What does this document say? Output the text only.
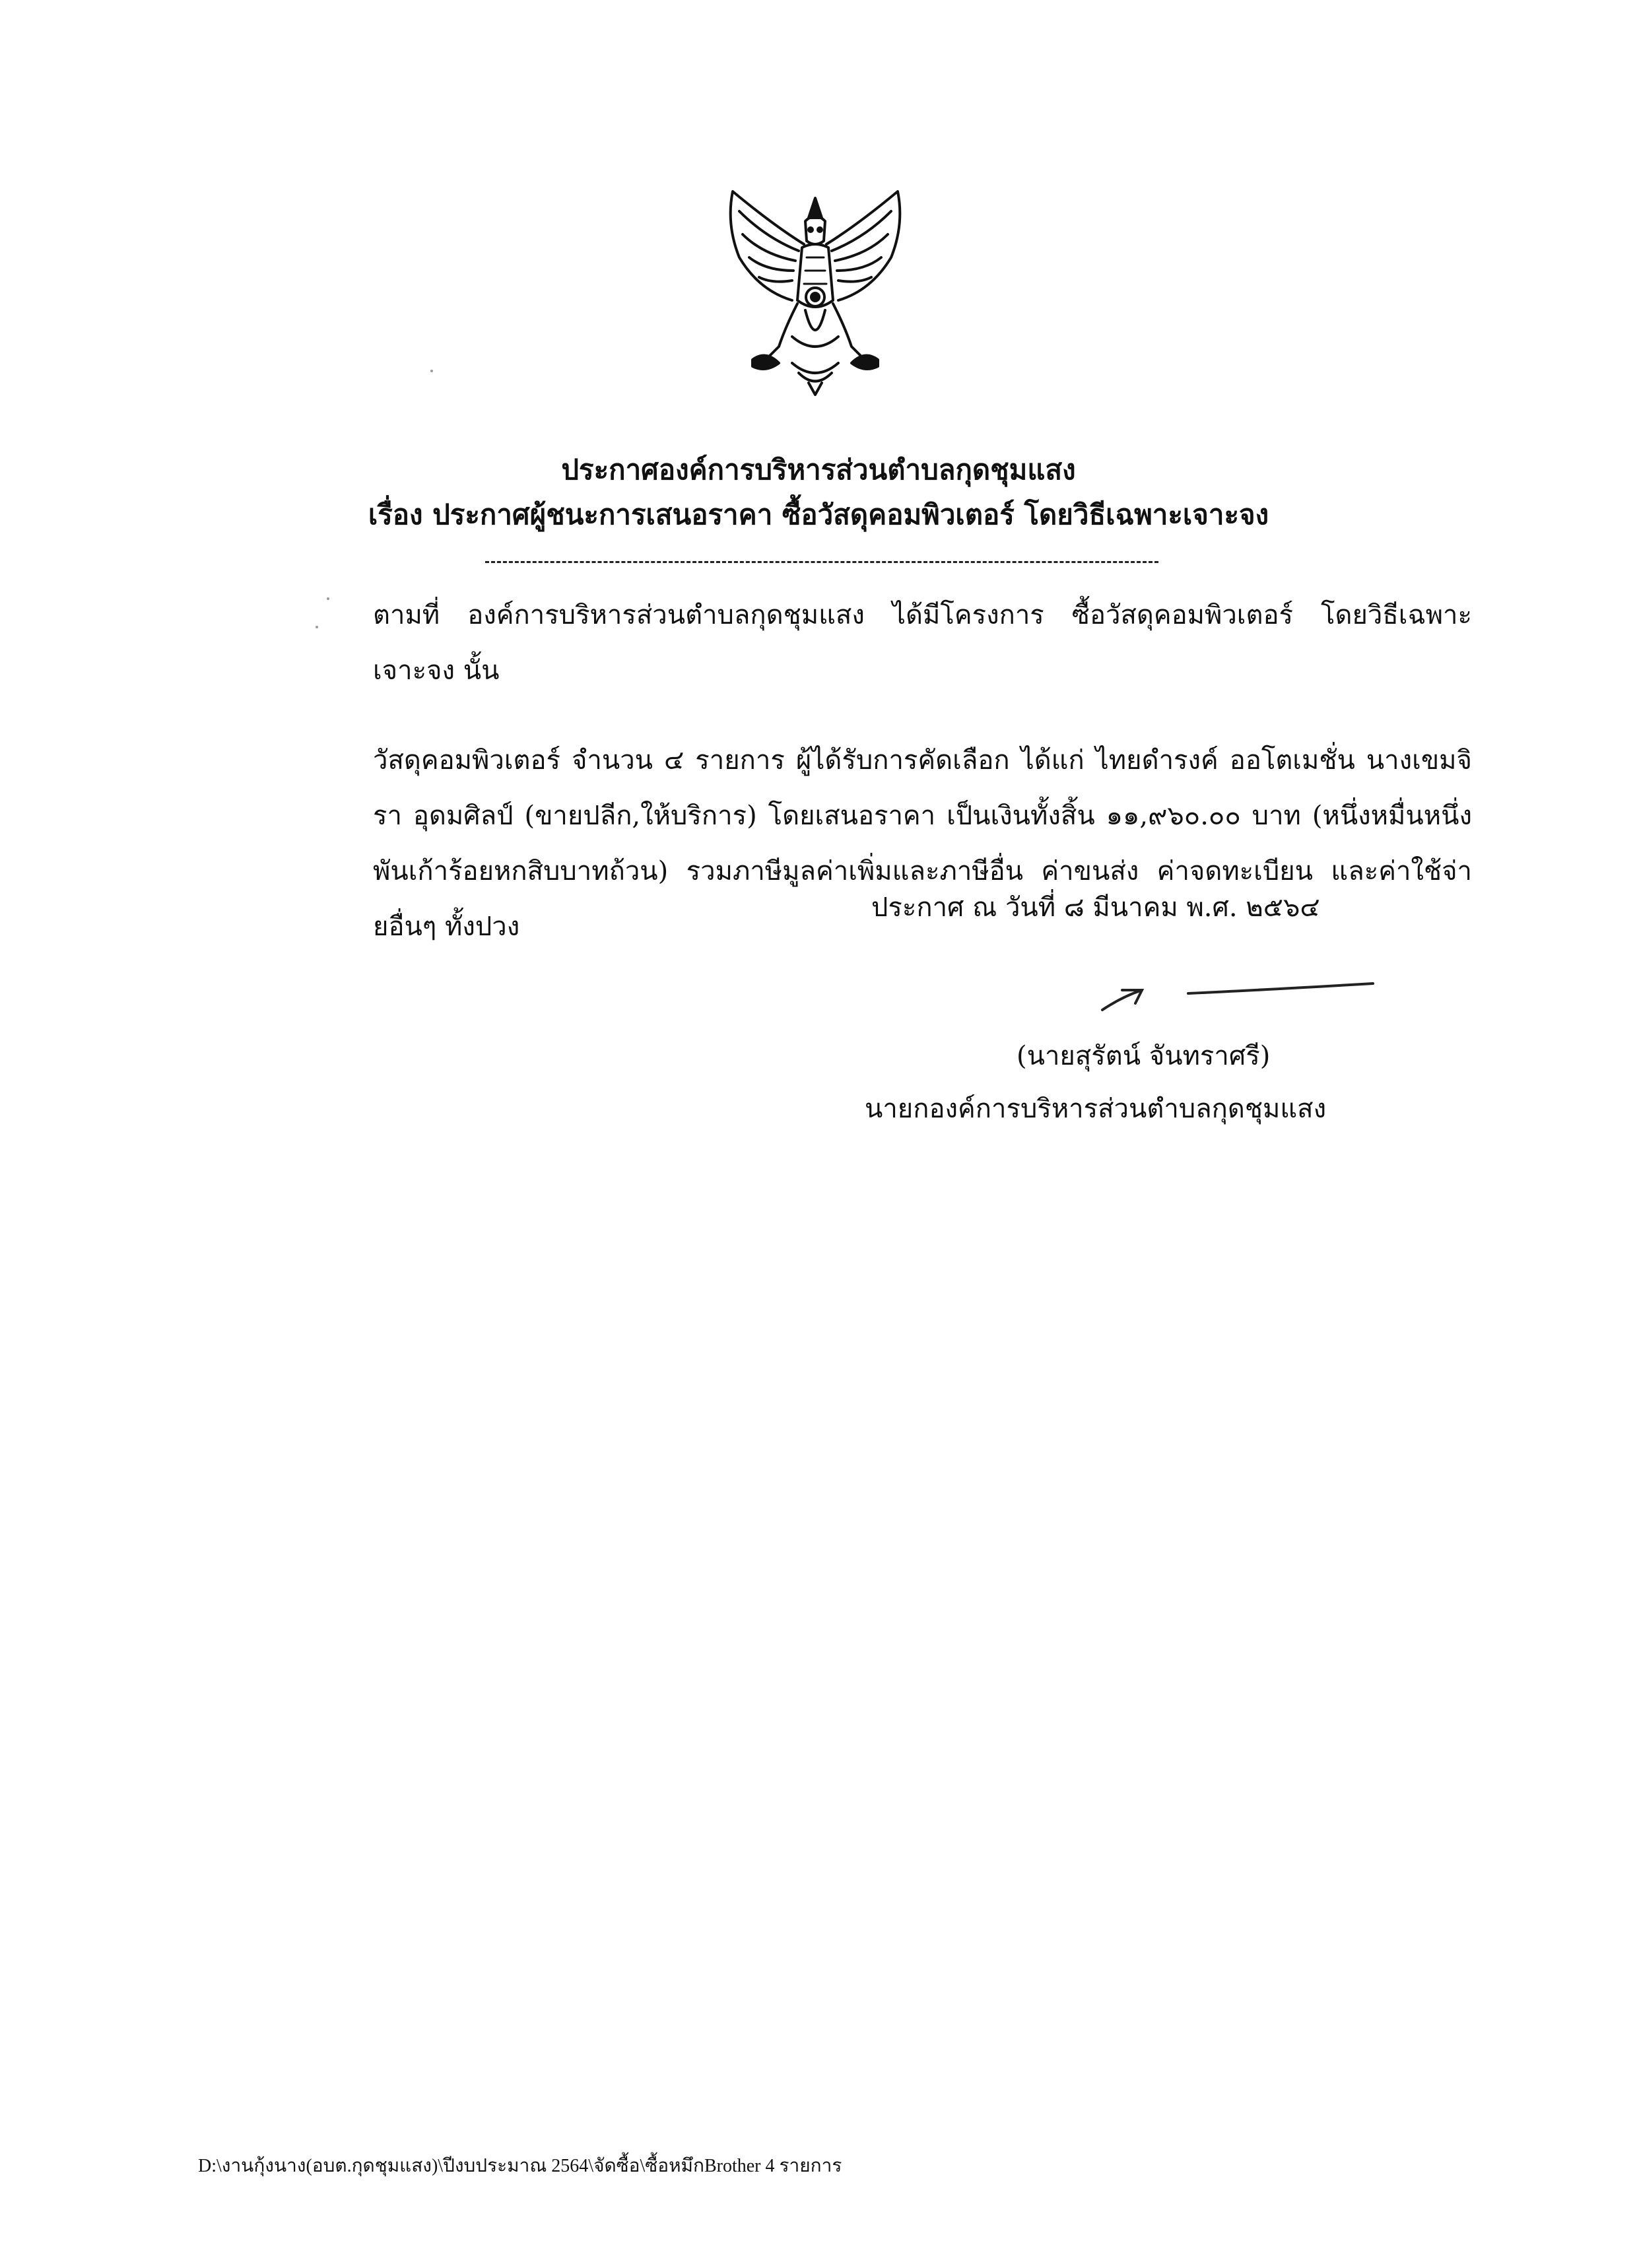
ประกาศองค์การบริหารส่วนตำบลกุดชุมแสง
เรื่อง ประกาศผู้ชนะการเสนอราคา ซื้อวัสดุคอมพิวเตอร์ โดยวิธีเฉพาะเจาะจง
ตามที่ องค์การบริหารส่วนตำบลกุดชุมแสง ได้มีโครงการ ซื้อวัสดุคอมพิวเตอร์ โดยวิธีเฉพาะเจาะจง นั้น
วัสดุคอมพิวเตอร์ จำนวน ๔ รายการ ผู้ได้รับการคัดเลือก ได้แก่ ไทยดำรงค์ ออโตเมชั่น นางเขมจิรา อุดมศิลป์ (ขายปลีก,ให้บริการ) โดยเสนอราคา เป็นเงินทั้งสิ้น ๑๑,๙๖๐.๐๐ บาท (หนึ่งหมื่นหนึ่งพันเก้าร้อยหกสิบบาทถ้วน) รวมภาษีมูลค่าเพิ่มและภาษีอื่น ค่าขนส่ง ค่าจดทะเบียน และค่าใช้จ่ายอื่นๆ ทั้งปวง
ประกาศ ณ วันที่ ๘ มีนาคม พ.ศ. ๒๕๖๔
(นายสุรัตน์ จันทราศรี)
นายกองค์การบริหารส่วนตำบลกุดชุมแสง
D:\งานกุ้งนาง(อบต.กุดชุมแสง)\ปีงบประมาณ 2564\จัดซื้อ\ซื้อหมึกBrother 4 รายการ
